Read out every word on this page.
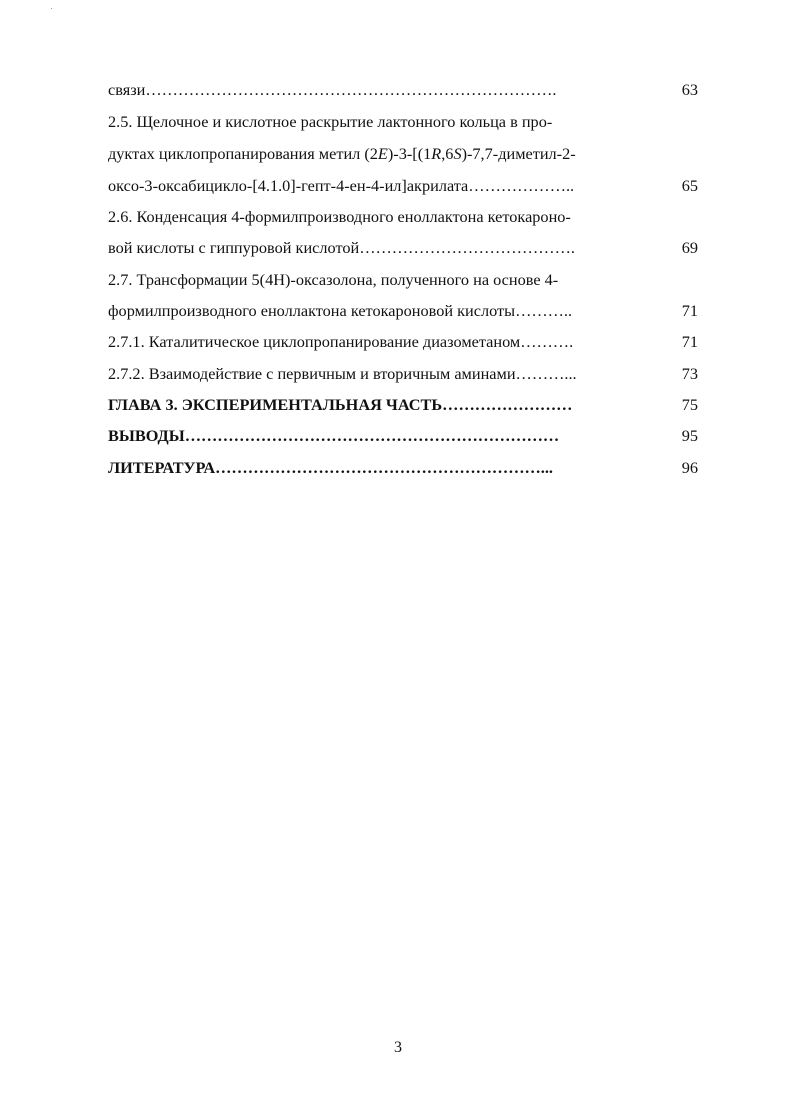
связи………………………………………………………………….	63
2.5. Щелочное и кислотное раскрытие лактонного кольца в про-
дуктах циклопропанирования метил (2E)-3-[(1R,6S)-7,7-диметил-2-
оксо-3-оксабицикло-[4.1.0]-гепт-4-ен-4-ил]акрилата………………..	65
2.6. Конденсация 4-формилпроизводного еноллактона кетокароно-
вой кислоты с гиппуровой кислотой………………………………….	69
2.7. Трансформации 5(4H)-оксазолона, полученного на основе 4-
формилпроизводного еноллактона кетокароновой кислоты………..	71
2.7.1. Каталитическое циклопропанирование диазометаном……….	71
2.7.2. Взаимодействие с первичным и вторичным аминами………...	73
ГЛАВА 3. ЭКСПЕРИМЕНТАЛЬНАЯ ЧАСТЬ……………………	75
ВЫВОДЫ……………………………………………………………	95
ЛИТЕРАТУРА……………………………………………………...	96
3
